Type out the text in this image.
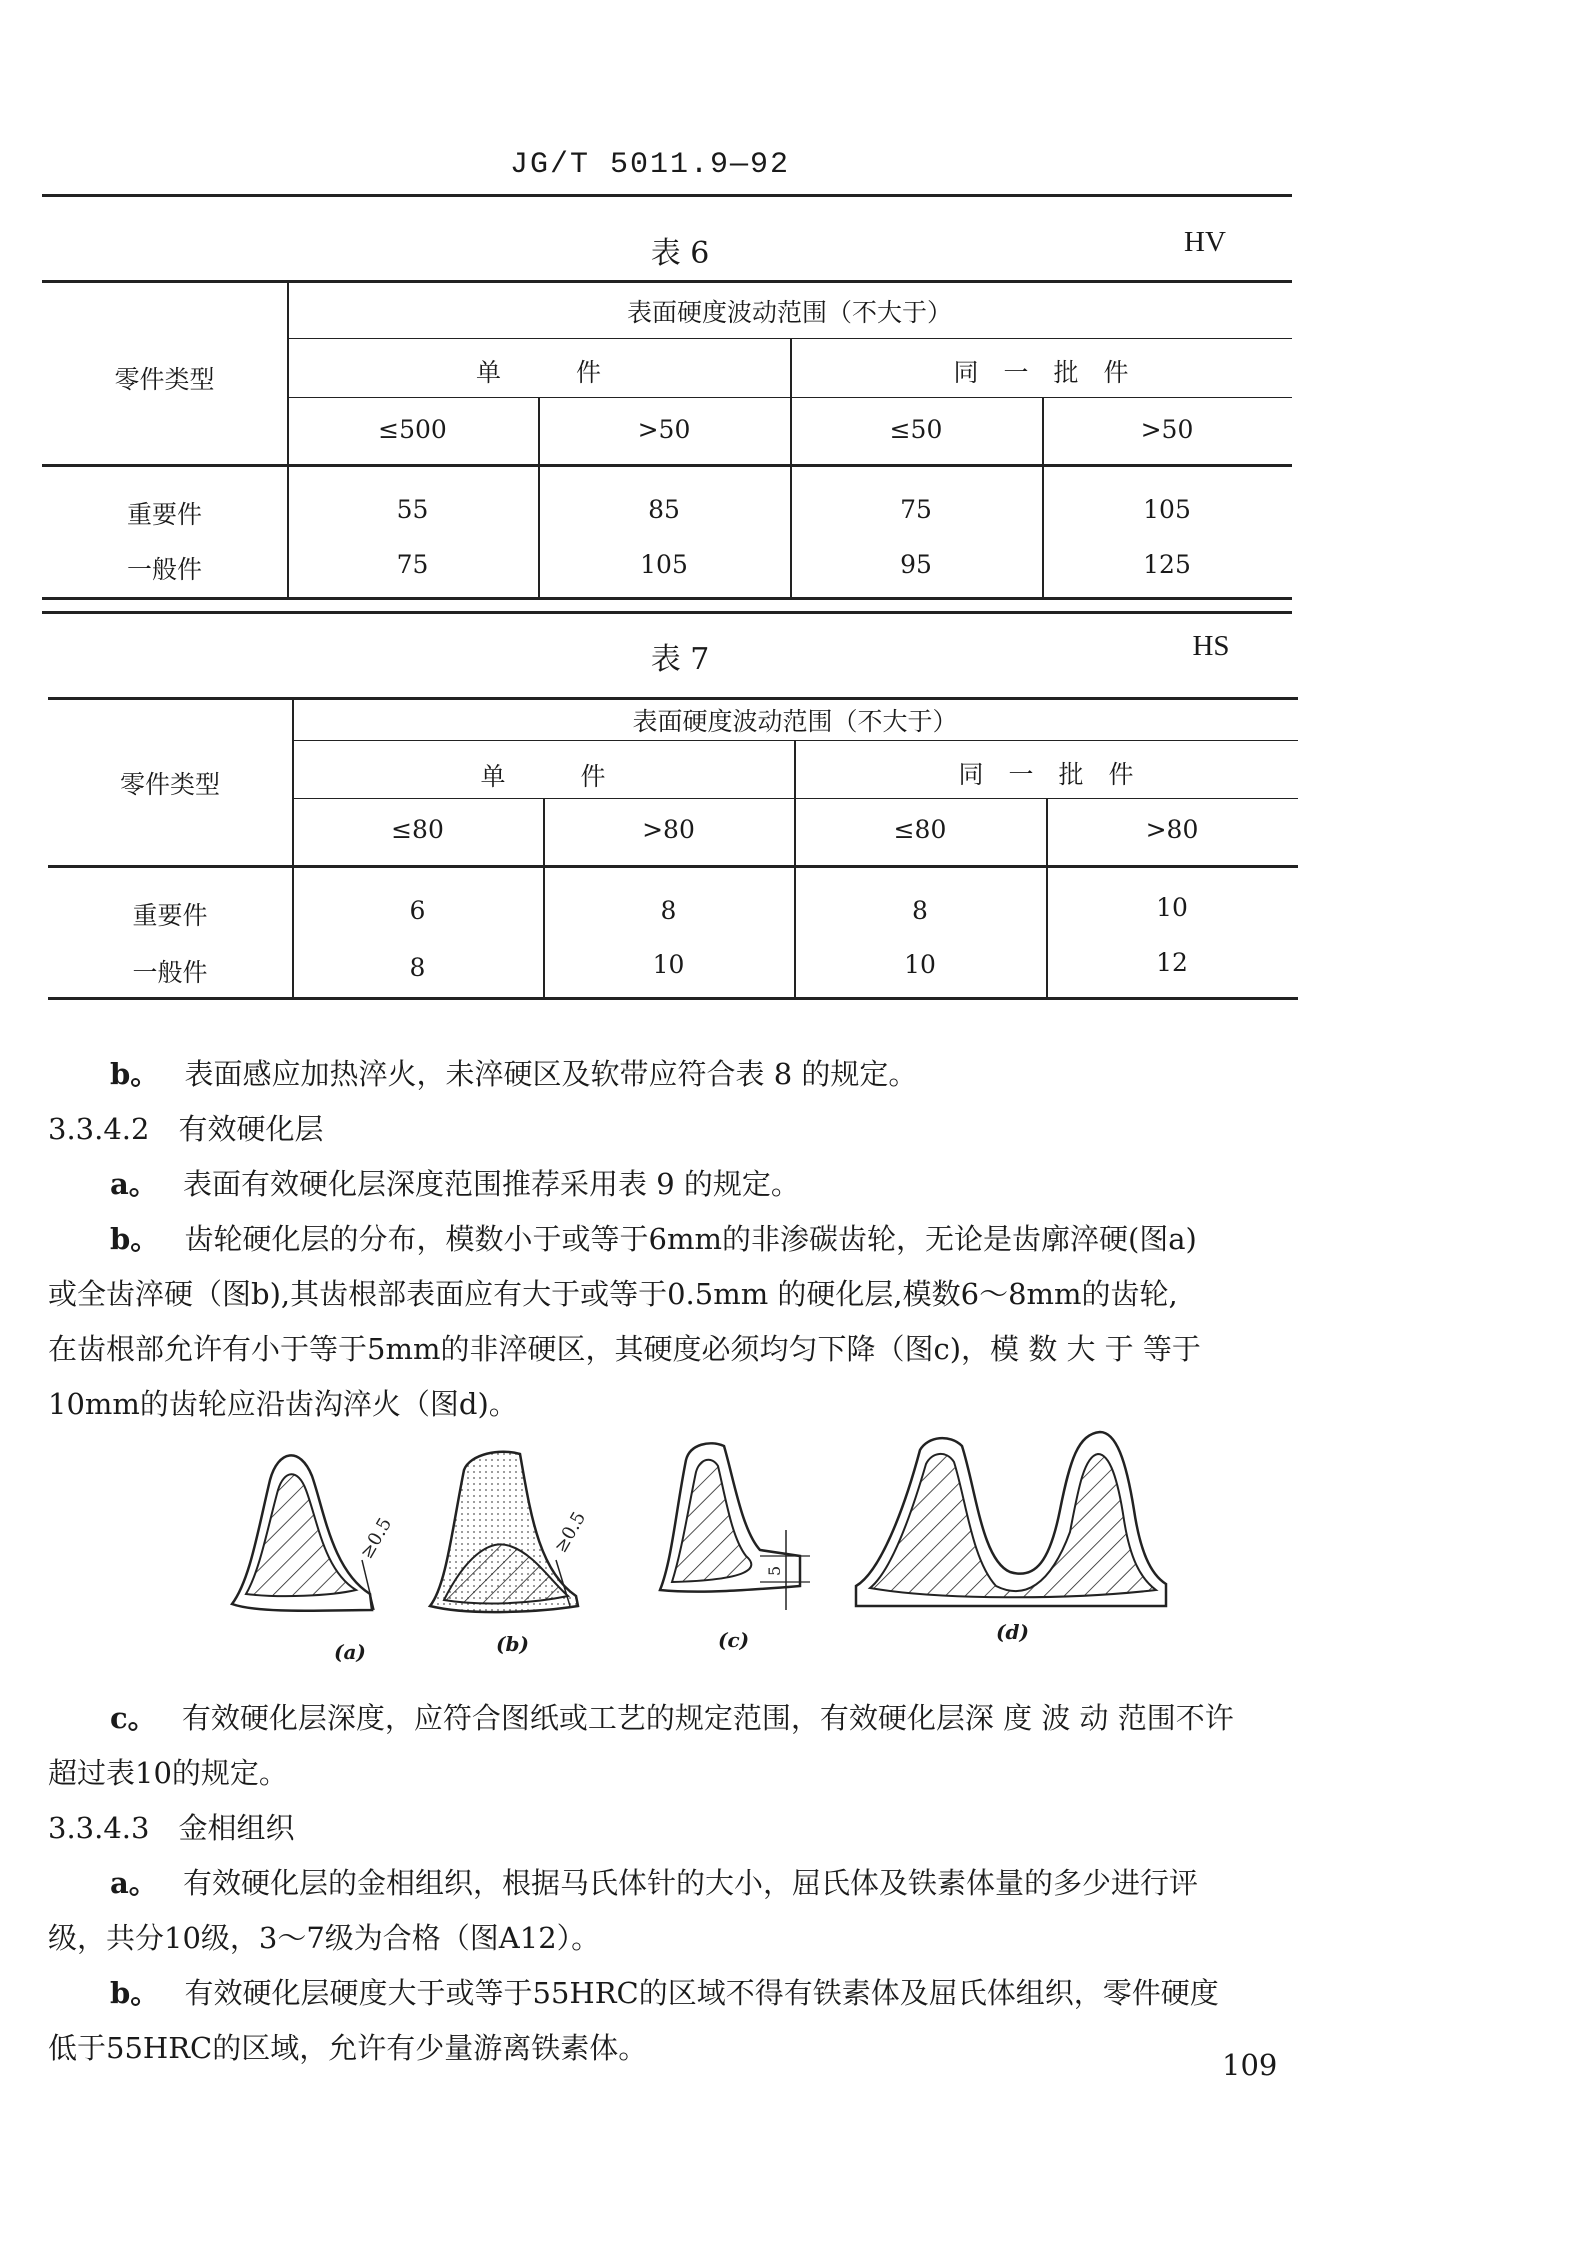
JG/T 5011.9—92
表 6	HV
零件类型
表面硬度波动范围（不大于）
单　　　件	同　一　批　件
≤500	>50	≤50	>50
重要件	55	85	75	105
一般件	75	105	95	125
表 7	HS
零件类型
表面硬度波动范围（不大于）
单　　　件	同　一　批　件
≤80	>80	≤80	>80
重要件	6	8	8	10
一般件	8	10	10	12
b。 表面感应加热淬火，未淬硬区及软带应符合表 8 的规定。
3.3.4.2　有效硬化层
a。 表面有效硬化层深度范围推荐采用表 9 的规定。
b。 齿轮硬化层的分布，模数小于或等于6mm的非渗碳齿轮，无论是齿廓淬硬(图a)
或全齿淬硬（图b),其齿根部表面应有大于或等于0.5mm 的硬化层,模数6～8mm的齿轮,
在齿根部允许有小于等于5mm的非淬硬区，其硬度必须均匀下降（图c)，模 数 大 于 等于
10mm的齿轮应沿齿沟淬火（图d)。
≥0.5	≥0.5
5
(a)	(b)	(c)	(d)
c。 有效硬化层深度，应符合图纸或工艺的规定范围，有效硬化层深 度 波 动 范围不许
超过表10的规定。
3.3.4.3　金相组织
a。 有效硬化层的金相组织，根据马氏体针的大小，屈氏体及铁素体量的多少进行评
级，共分10级，3～7级为合格（图A12）。
b。 有效硬化层硬度大于或等于55HRC的区域不得有铁素体及屈氏体组织，零件硬度
低于55HRC的区域，允许有少量游离铁素体。	109
